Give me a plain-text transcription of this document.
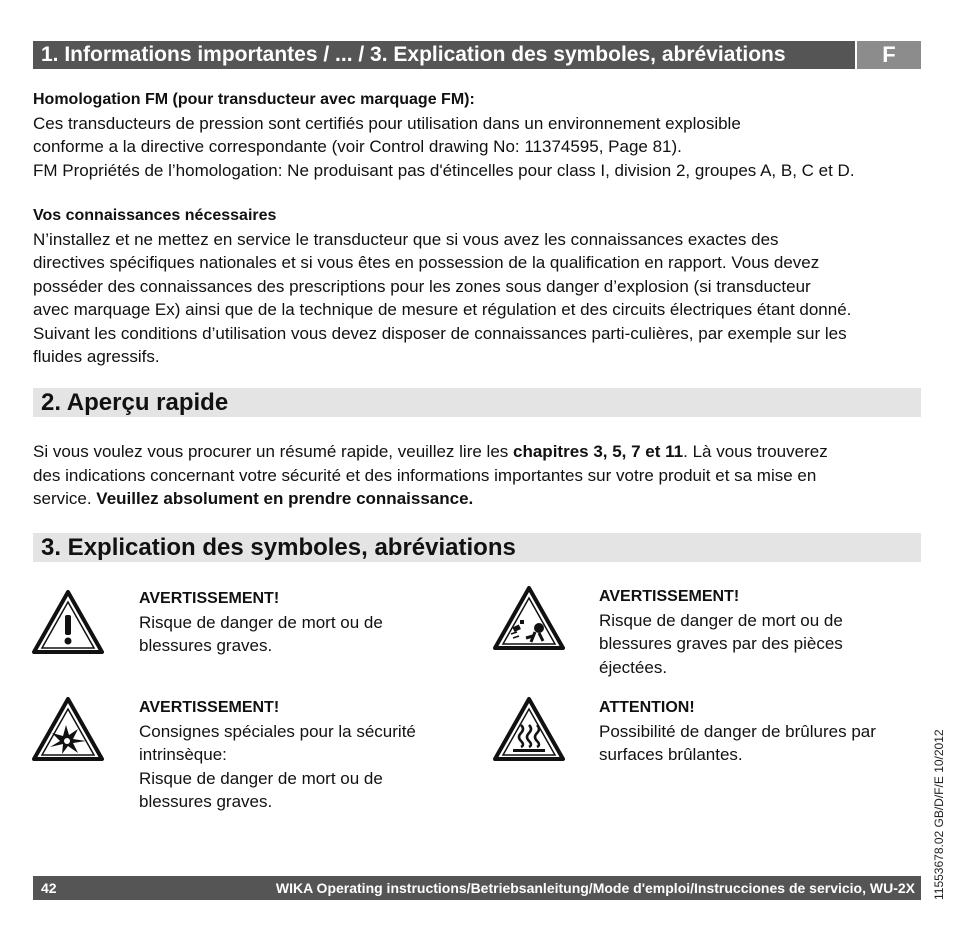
1. Informations importantes / ... / 3. Explication des symboles, abréviations	F
Homologation FM (pour transducteur avec marquage FM):
Ces transducteurs de pression sont certifiés pour utilisation dans un environnement explosible
conforme a la directive correspondante (voir Control drawing No: 11374595, Page 81).
FM Propriétés de l’homologation: Ne produisant pas d'étincelles pour class I, division 2, groupes A, B, C et D.
Vos connaissances nécessaires
N’installez et ne mettez en service le transducteur que si vous avez les connaissances exactes des
directives spécifiques nationales et si vous êtes en possession de la qualification en rapport. Vous devez
posséder des connaissances des prescriptions pour les zones sous danger d’explosion (si transducteur
avec marquage Ex) ainsi que de la technique de mesure et régulation et des circuits électriques étant donné.
Suivant les conditions d’utilisation vous devez disposer de connaissances parti-culières, par exemple sur les
fluides agressifs.
2. Aperçu rapide
Si vous voulez vous procurer un résumé rapide, veuillez lire les chapitres 3, 5, 7 et 11. Là vous trouverez
des indications concernant votre sécurité et des informations importantes sur votre produit et sa mise en
service. Veuillez absolument en prendre connaissance.
3. Explication des symboles, abréviations
AVERTISSEMENT!
Risque de danger de mort ou de
blessures graves.
AVERTISSEMENT!
Risque de danger de mort ou de
blessures graves par des pièces
éjectées.
AVERTISSEMENT!
Consignes spéciales pour la sécurité
intrinsèque:
Risque de danger de mort ou de
blessures graves.
ATTENTION!
Possibilité de danger de brûlures par
surfaces brûlantes.
42	WIKA Operating instructions/Betriebsanleitung/Mode d'emploi/Instrucciones de servicio, WU-2X 11553678.02 GB/D/F/E 10/2012
